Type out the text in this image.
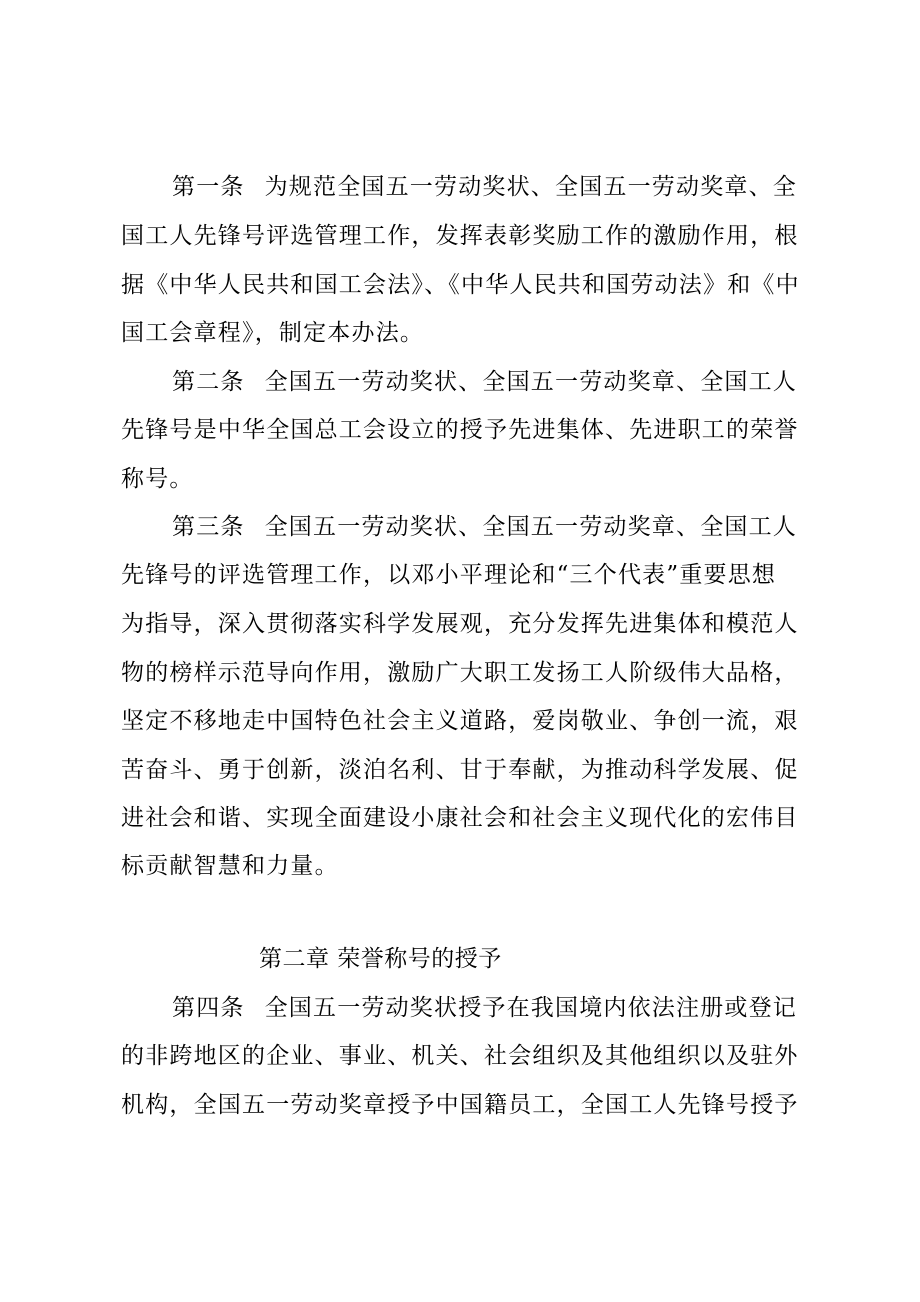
第一条 为规范全国五一劳动奖状、全国五一劳动奖章、全
国工人先锋号评选管理工作，发挥表彰奖励工作的激励作用，根
据《中华人民共和国工会法》、《中华人民共和国劳动法》和《中
国工会章程》，制定本办法。
第二条 全国五一劳动奖状、全国五一劳动奖章、全国工人
先锋号是中华全国总工会设立的授予先进集体、先进职工的荣誉
称号。
第三条 全国五一劳动奖状、全国五一劳动奖章、全国工人
先锋号的评选管理工作，以邓小平理论和“三个代表”重要思想
为指导，深入贯彻落实科学发展观，充分发挥先进集体和模范人
物的榜样示范导向作用，激励广大职工发扬工人阶级伟大品格，
坚定不移地走中国特色社会主义道路，爱岗敬业、争创一流，艰
苦奋斗、勇于创新，淡泊名利、甘于奉献，为推动科学发展、促
进社会和谐、实现全面建设小康社会和社会主义现代化的宏伟目
标贡献智慧和力量。
第二章 荣誉称号的授予
第四条 全国五一劳动奖状授予在我国境内依法注册或登记
的非跨地区的企业、事业、机关、社会组织及其他组织以及驻外
机构，全国五一劳动奖章授予中国籍员工，全国工人先锋号授予
